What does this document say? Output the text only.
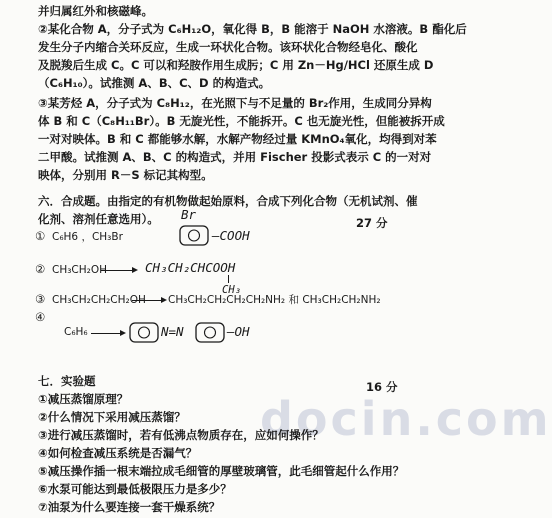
docin.com
并归属红外和核磁峰。
②某化合物 A，分子式为 C₆H₁₂O，氧化得 B，B 能溶于 NaOH 水溶液。B 酯化后
发生分子内缩合关环反应，生成一环状化合物。该环状化合物经皂化、酸化
及脱羧后生成 C。C 可以和羟胺作用生成肟；C 用 Zn－Hg/HCl 还原生成 D
（C₆H₁₀）。试推测 A、B、C、D 的构造式。
③某芳烃 A，分子式为 C₈H₁₂，在光照下与不足量的 Br₂作用，生成同分异构
体 B 和 C（C₈H₁₁Br）。B 无旋光性，不能拆开。C 也无旋光性，但能被拆开成
一对对映体。B 和 C 都能够水解，水解产物经过量 KMnO₄氧化，均得到对苯
二甲酸。试推测 A、B、C 的构造式，并用 Fischer 投影式表示 C 的一对对
映体，分别用 R－S 标记其构型。
六．合成题。由指定的有机物做起始原料，合成下列化合物（无机试剂、催
化剂、溶剂任意选用）。	27 分
① C₆H6 ，CH₃Br
Br
—COOH
② CH₃CH₂OH → CH₃CH₂CHCOOH
CH₃
③ CH₃CH₂CH₂CH₂OH → CH₃CH₂CH₂CH₂CH₂NH₂ 和 CH₃CH₂CH₂NH₂
④
C₆H₆ →	N=N	—OH
七．实验题	16 分
①减压蒸馏原理？
②什么情况下采用减压蒸馏？
③进行减压蒸馏时，若有低沸点物质存在，应如何操作？
④如何检查减压系统是否漏气？
⑤减压操作插一根末端拉成毛细管的厚壁玻璃管，此毛细管起什么作用？
⑥水泵可能达到最低极限压力是多少？
⑦油泵为什么要连接一套干燥系统？
